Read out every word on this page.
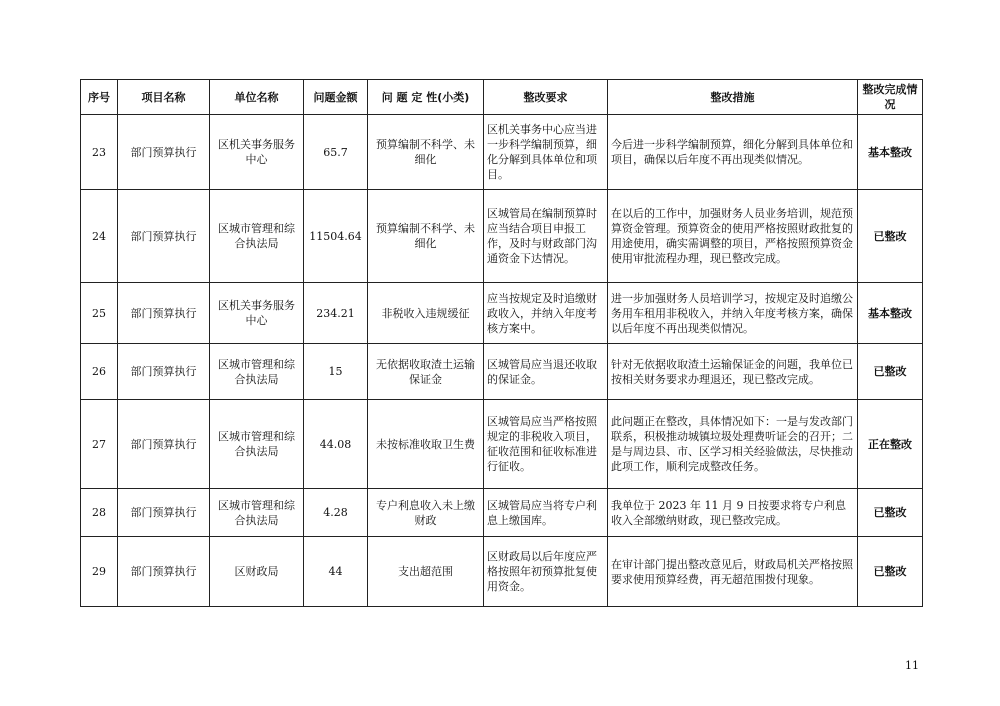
序号	项目名称	单位名称	问题金额	问 题 定 性(小类)	整改要求	整改措施	整改完成情况
23	部门预算执行	区机关事务服务中心	65.7	预算编制不科学、未细化	区机关事务中心应当进一步科学编制预算，细化分解到具体单位和项目。	今后进一步科学编制预算，细化分解到具体单位和项目，确保以后年度不再出现类似情况。	基本整改
24	部门预算执行	区城市管理和综合执法局	11504.64	预算编制不科学、未细化	区城管局在编制预算时应当结合项目申报工作，及时与财政部门沟通资金下达情况。	在以后的工作中，加强财务人员业务培训，规范预算资金管理。预算资金的使用严格按照财政批复的用途使用，确实需调整的项目，严格按照预算资金使用审批流程办理，现已整改完成。	已整改
25	部门预算执行	区机关事务服务中心	234.21	非税收入违规缓征	应当按规定及时追缴财政收入，并纳入年度考核方案中。	进一步加强财务人员培训学习，按规定及时追缴公务用车租用非税收入，并纳入年度考核方案，确保以后年度不再出现类似情况。	基本整改
26	部门预算执行	区城市管理和综合执法局	15	无依据收取渣土运输保证金	区城管局应当退还收取的保证金。	针对无依据收取渣土运输保证金的问题，我单位已按相关财务要求办理退还，现已整改完成。	已整改
27	部门预算执行	区城市管理和综合执法局	44.08	未按标准收取卫生费	区城管局应当严格按照规定的非税收入项目，征收范围和征收标准进行征收。	此问题正在整改，具体情况如下：一是与发改部门联系，积极推动城镇垃圾处理费听证会的召开；二是与周边县、市、区学习相关经验做法，尽快推动此项工作，顺利完成整改任务。	正在整改
28	部门预算执行	区城市管理和综合执法局	4.28	专户利息收入未上缴财政	区城管局应当将专户利息上缴国库。	我单位于 2023 年 11 月 9 日按要求将专户利息收入全部缴纳财政，现已整改完成。	已整改
29	部门预算执行	区财政局	44	支出超范围	区财政局以后年度应严格按照年初预算批复使用资金。	在审计部门提出整改意见后，财政局机关严格按照要求使用预算经费，再无超范围拨付现象。	已整改
11
